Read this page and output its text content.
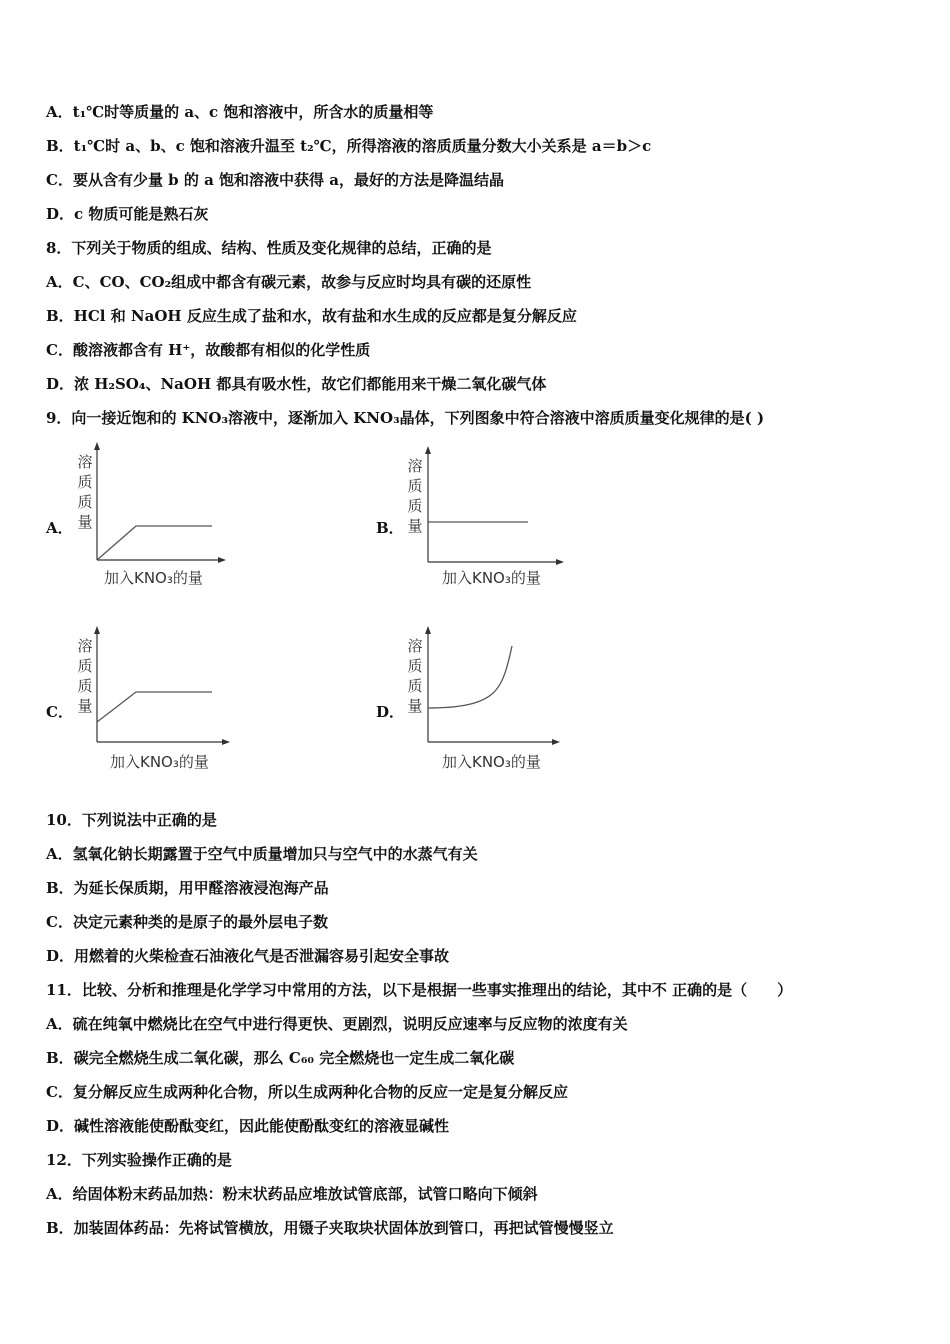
A．t₁℃时等质量的 a、c 饱和溶液中，所含水的质量相等
B．t₁℃时 a、b、c 饱和溶液升温至 t₂℃，所得溶液的溶质质量分数大小关系是 a＝b＞c
C．要从含有少量 b 的 a 饱和溶液中获得 a，最好的方法是降温结晶
D．c 物质可能是熟石灰
8．下列关于物质的组成、结构、性质及变化规律的总结，正确的是
A．C、CO、CO₂组成中都含有碳元素，故参与反应时均具有碳的还原性
B．HCl 和 NaOH 反应生成了盐和水，故有盐和水生成的反应都是复分解反应
C．酸溶液都含有 H⁺，故酸都有相似的化学性质
D．浓 H₂SO₄、NaOH 都具有吸水性，故它们都能用来干燥二氧化碳气体
9．向一接近饱和的 KNO₃溶液中，逐渐加入 KNO₃晶体，下列图象中符合溶液中溶质质量变化规律的是( )
A．
溶
质
质
量
加入KNO₃的量
B．
溶
质
质
量
加入KNO₃的量
C．
溶
质
质
量
加入KNO₃的量
D．
溶
质
质
量
加入KNO₃的量
10．下列说法中正确的是
A．氢氧化钠长期露置于空气中质量增加只与空气中的水蒸气有关
B．为延长保质期，用甲醛溶液浸泡海产品
C．决定元素种类的是原子的最外层电子数
D．用燃着的火柴检查石油液化气是否泄漏容易引起安全事故
11．比较、分析和推理是化学学习中常用的方法，以下是根据一些事实推理出的结论，其中不 正确的是（　　）
A．硫在纯氧中燃烧比在空气中进行得更快、更剧烈，说明反应速率与反应物的浓度有关
B．碳完全燃烧生成二氧化碳，那么 C₆₀ 完全燃烧也一定生成二氧化碳
C．复分解反应生成两种化合物，所以生成两种化合物的反应一定是复分解反应
D．碱性溶液能使酚酞变红，因此能使酚酞变红的溶液显碱性
12．下列实验操作正确的是
A．给固体粉末药品加热：粉末状药品应堆放试管底部，试管口略向下倾斜
B．加装固体药品：先将试管横放，用镊子夹取块状固体放到管口，再把试管慢慢竖立
